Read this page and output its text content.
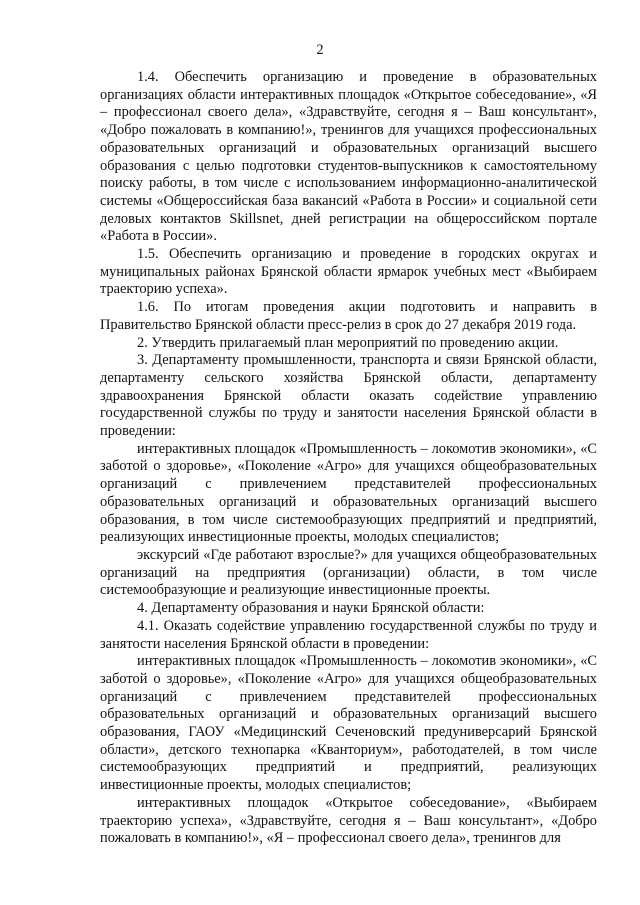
2

1.4. Обеспечить организацию и проведение в образовательных организациях области интерактивных площадок «Открытое собеседование», «Я – профессионал своего дела», «Здравствуйте, сегодня я – Ваш консультант», «Добро пожаловать в компанию!», тренингов для учащихся профессиональных образовательных организаций и образовательных организаций высшего образования с целью подготовки студентов-выпускников к самостоятельному поиску работы, в том числе с использованием информационно-аналитической системы «Общероссийская база вакансий «Работа в России» и социальной сети деловых контактов Skillsnet, дней регистрации на общероссийском портале «Работа в России».

1.5. Обеспечить организацию и проведение в городских округах и муниципальных районах Брянской области ярмарок учебных мест «Выбираем траекторию успеха».

1.6. По итогам проведения акции подготовить и направить в Правительство Брянской области пресс-релиз в срок до 27 декабря 2019 года.

2. Утвердить прилагаемый план мероприятий по проведению акции.

3. Департаменту промышленности, транспорта и связи Брянской области, департаменту сельского хозяйства Брянской области, департаменту здравоохранения Брянской области оказать содействие управлению государственной службы по труду и занятости населения Брянской области в проведении:

интерактивных площадок «Промышленность – локомотив экономики», «С заботой о здоровье», «Поколение «Агро» для учащихся общеобразовательных организаций с привлечением представителей профессиональных образовательных организаций и образовательных организаций высшего образования, в том числе системообразующих предприятий и предприятий, реализующих инвестиционные проекты, молодых специалистов;

экскурсий «Где работают взрослые?» для учащихся общеобразовательных организаций на предприятия (организации) области, в том числе системообразующие и реализующие инвестиционные проекты.

4. Департаменту образования и науки Брянской области:

4.1. Оказать содействие управлению государственной службы по труду и занятости населения Брянской области в проведении:

интерактивных площадок «Промышленность – локомотив экономики», «С заботой о здоровье», «Поколение «Агро» для учащихся общеобразовательных организаций с привлечением представителей профессиональных образовательных организаций и образовательных организаций высшего образования, ГАОУ «Медицинский Сеченовский предуниверсарий Брянской области», детского технопарка «Кванториум», работодателей, в том числе системообразующих предприятий и предприятий, реализующих инвестиционные проекты, молодых специалистов;

интерактивных площадок «Открытое собеседование», «Выбираем траекторию успеха», «Здравствуйте, сегодня я – Ваш консультант», «Добро пожаловать в компанию!», «Я – профессионал своего дела», тренингов для
